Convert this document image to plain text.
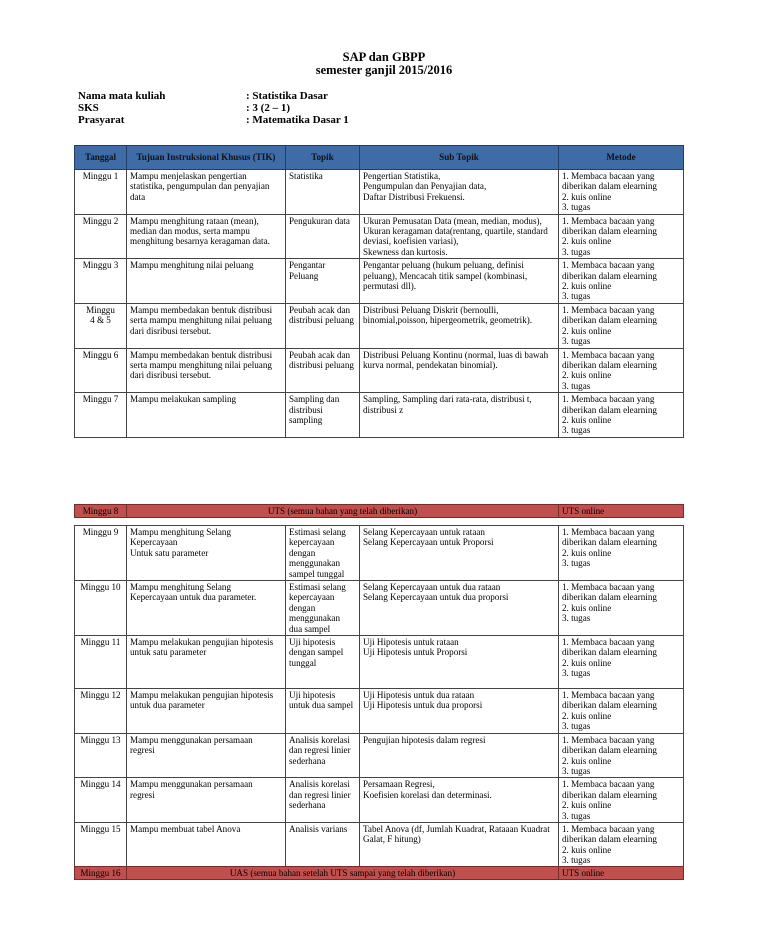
SAP dan GBPP
semester ganjil 2015/2016
Nama mata kuliah	: Statistika Dasar
SKS	: 3 (2 – 1)
Prasyarat	: Matematika Dasar 1
Tanggal	Tujuan Instruksional Khusus (TIK)	Topik	Sub Topik	Metode

Minggu 1	Mampu menjelaskan pengertian
statistika, pengumpulan dan penyajian
data	Statistika	Pengertian Statistika,
Pengumpulan dan Penyajian data,
Daftar Distribusi Frekuensi.	1. Membaca bacaan yang
diberikan dalam elearning
2. kuis online
3. tugas

Minggu 2	Mampu menghitung rataan (mean),
median dan modus, serta mampu
menghitung besarnya keragaman data.	Pengukuran data	Ukuran Pemusatan Data (mean, median, modus),
Ukuran keragaman data(rentang, quartile, standard
deviasi, koefisien variasi),
Skewness dan kurtosis.	1. Membaca bacaan yang
diberikan dalam elearning
2. kuis online
3. tugas

Minggu 3	Mampu menghitung nilai peluang	Pengantar
Peluang	Pengantar peluang (hukum peluang, definisi
peluang), Mencacah titik sampel (kombinasi,
permutasi dll).	1. Membaca bacaan yang
diberikan dalam elearning
2. kuis online
3. tugas

Minggu
4 & 5	Mampu membedakan bentuk distribusi
serta mampu menghitung nilai peluang
dari disribusi tersebut.	Peubah acak dan
distribusi peluang	Distribusi Peluang Diskrit (bernoulli,
binomial,poisson, hipergeometrik, geometrik).	1. Membaca bacaan yang
diberikan dalam elearning
2. kuis online
3. tugas

Minggu 6	Mampu membedakan bentuk distribusi
serta mampu menghitung nilai peluang
dari disribusi tersebut.	Peubah acak dan
distribusi peluang	Distribusi Peluang Kontinu (normal, luas di bawah
kurva normal, pendekatan binomial).	1. Membaca bacaan yang
diberikan dalam elearning
2. kuis online
3. tugas

Minggu 7	Mampu melakukan sampling	Sampling dan
distribusi
sampling	Sampling, Sampling dari rata-rata, distribusi t,
distribusi z	1. Membaca bacaan yang
diberikan dalam elearning
2. kuis online
3. tugas
Minggu 8	UTS (semua bahan yang telah diberikan)	UTS online
Minggu 9	Mampu menghitung Selang
Kepercayaan
Untuk satu parameter	Estimasi selang
kepercayaan
dengan
menggunakan
sampel tunggal	Selang Kepercayaan untuk rataan
Selang Kepercayaan untuk Proporsi	1. Membaca bacaan yang
diberikan dalam elearning
2. kuis online
3. tugas

Minggu 10	Mampu menghitung Selang
Kepercayaan untuk dua parameter.	Estimasi selang
kepercayaan
dengan
menggunakan
dua sampel	Selang Kepercayaan untuk dua rataan
Selang Kepercayaan untuk dua proporsi	1. Membaca bacaan yang
diberikan dalam elearning
2. kuis online
3. tugas

Minggu 11	Mampu melakukan pengujian hipotesis
untuk satu parameter	Uji hipotesis
dengan sampel
tunggal	Uji Hipotesis untuk rataan
Uji Hipotesis untuk Proporsi	1. Membaca bacaan yang
diberikan dalam elearning
2. kuis online
3. tugas

Minggu 12	Mampu melakukan pengujian hipotesis
untuk dua parameter	Uji hipotesis
untuk dua sampel	Uji Hipotesis untuk dua rataan
Uji Hipotesis untuk dua proporsi	1. Membaca bacaan yang
diberikan dalam elearning
2. kuis online
3. tugas

Minggu 13	Mampu menggunakan persamaan
regresi	Analisis korelasi
dan regresi linier
sederhana	Pengujian hipotesis dalam regresi	1. Membaca bacaan yang
diberikan dalam elearning
2. kuis online
3. tugas

Minggu 14	Mampu menggunakan persamaan
regresi	Analisis korelasi
dan regresi linier
sederhana	Persamaan Regresi,
Koefisien korelasi dan determinasi.	1. Membaca bacaan yang
diberikan dalam elearning
2. kuis online
3. tugas

Minggu 15	Mampu membuat tabel Anova	Analisis varians	Tabel Anova (df, Jumlah Kuadrat, Rataaan Kuadrat
Galat, F hitung)	1. Membaca bacaan yang
diberikan dalam elearning
2. kuis online
3. tugas
Minggu 16	UAS (semua bahan setelah UTS sampai yang telah diberikan)	UTS online
